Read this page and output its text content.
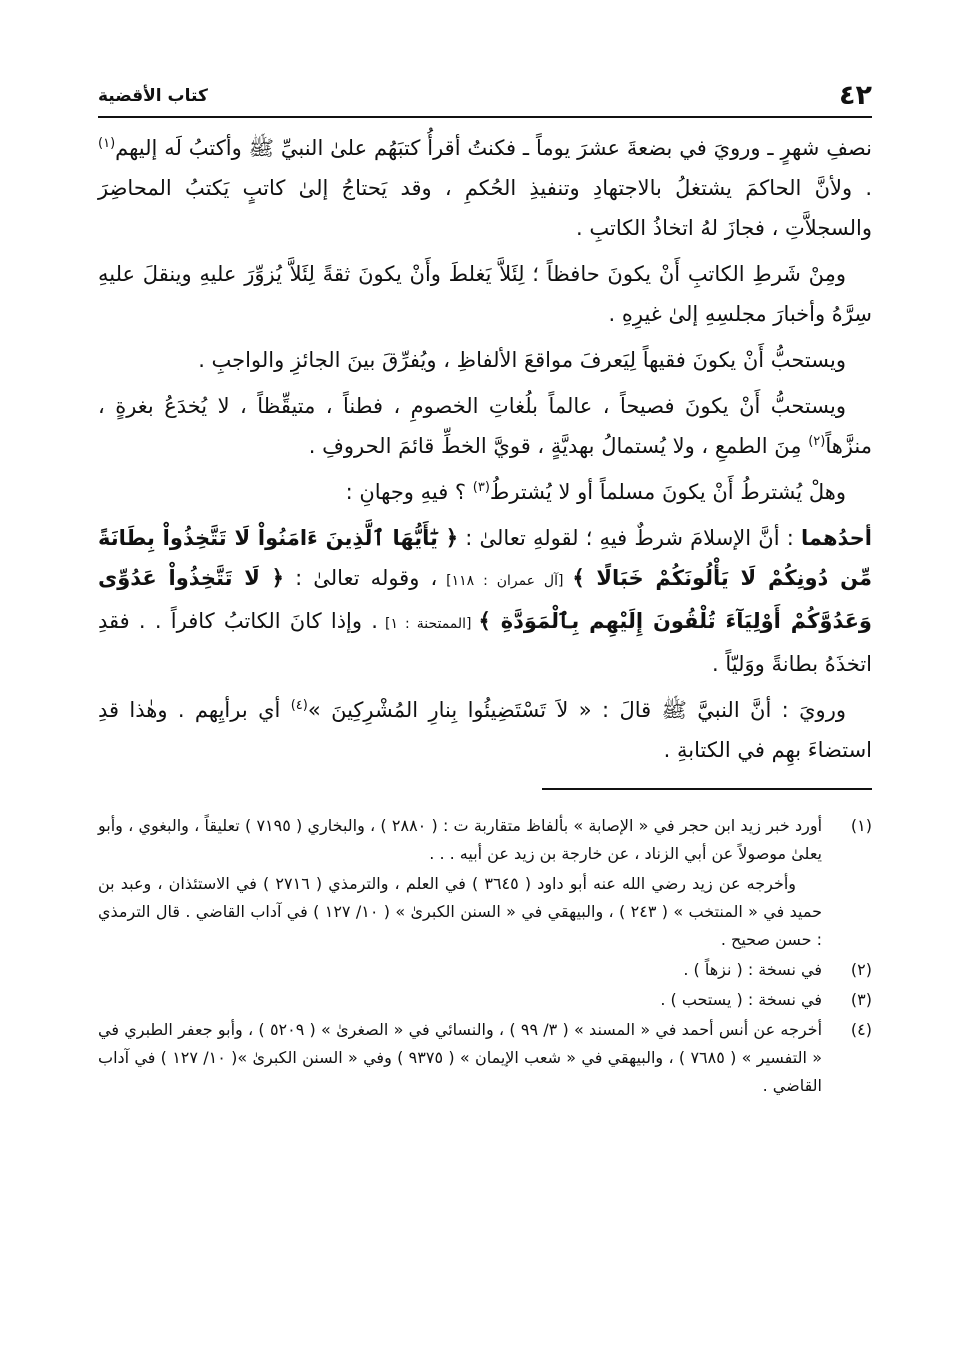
٤٢
كتاب الأقضية

نصفِ شهرٍ ـ ورويَ في بضعةَ عشرَ يوماً ـ فكنتُ أقرأُ كتبَهُم علىٰ النبيِّ ﷺ وأكتبُ لَه إليهم$^{(١)}$ . ولأنَّ الحاكمَ يشتغلُ بالاجتهادِ وتنفيذِ الحُكمِ ، وقد يَحتاجُ إلىٰ كاتبٍ يَكتبُ المحاضِرَ والسجلاَّتِ ، فجازَ لهُ اتخاذُ الكاتبِ .

ومِنْ شَرطِ الكاتبِ أَنْ يكونَ حافظاً ؛ لِئَلاَّ يَغلطَ وأَنْ يكونَ ثقةً لِئَلاَّ يُزوِّرَ عليهِ وينقلَ عليهِ سِرَّهُ وأخبارَ مجلسِهِ إلىٰ غيرِهِ .

ويستحبُّ أَنْ يكونَ فقيهاً لِيَعرفَ مواقعَ الألفاظِ ، ويُفرِّقَ بينَ الجائزِ والواجبِ .

ويستحبُّ أَنْ يكونَ فصيحاً ، عالماً بلُغاتِ الخصومِ ، فطناً ، متيقِّظاً ، لا يُخدَعُ بغرةٍ ، منزَّهاً$^{(٢)}$ مِنَ الطمعِ ، ولا يُستمالُ بهديَّةٍ ، قويَّ الخطِّ قائمَ الحروفِ .

وهلْ يُشترطُ أَنْ يكونَ مسلماً أو لا يُشترطُ$^{(٣)}$ ؟ فيهِ وجهانِ :

أحدُهما : أنَّ الإسلامَ شرطٌ فيهِ ؛ لقولهِ تعالىٰ : ﴿ يَٰٓأَيُّهَا ٱلَّذِينَ ءَامَنُواْ لَا تَتَّخِذُواْ بِطَانَةً مِّن دُونِكُمْ لَا يَأْلُونَكُمْ خَبَالًا ﴾ [آل عمران : ١١٨] ، وقوله تعالىٰ : ﴿ لَا تَتَّخِذُواْ عَدُوِّى وَعَدُوَّكُمْ أَوْلِيَآءَ تُلْقُونَ إِلَيْهِم بِٱلْمَوَدَّةِ ﴾ [الممتحنة : ١] . وإذا كانَ الكاتبُ كافراً . . فقدِ اتخذَهُ بطانةً ووَليّاً .

ورويَ : أنَّ النبيَّ ﷺ قالَ : « لاَ تَسْتَضِيئُوا بِنارِ المُشْرِكِينَ »$^{(٤)}$ أي برأيِهم . وهٰذا قدِ استضاءَ بهِم في الكتابةِ .

(١)
أورد خبر زيد ابن حجر في « الإصابة » بألفاظ متقاربة ت : ( ٢٨٨٠ ) ، والبخاري ( ٧١٩٥ ) تعليقاً ، والبغوي ، وأبو يعلىٰ موصولاً عن أبي الزناد ، عن خارجة بن زيد عن أبيه . . .
وأخرجه عن زيد رضي الله عنه أبو داود ( ٣٦٤٥ ) في العلم ، والترمذي ( ٢٧١٦ ) في الاستئذان ، وعبد بن حميد في « المنتخب » ( ٢٤٣ ) ، والبيهقي في « السنن الكبرىٰ » ( ١٠/ ١٢٧ ) في آداب القاضي . قال الترمذي : حسن صحيح .
(٢)
في نسخة : ( نزهاً ) .
(٣)
في نسخة : ( يستحب ) .
(٤)
أخرجه عن أنس أحمد في « المسند » ( ٣/ ٩٩ ) ، والنسائي في « الصغرىٰ » ( ٥٢٠٩ ) ، وأبو جعفر الطبري في « التفسير » ( ٧٦٨٥ ) ، والبيهقي في « شعب الإيمان » ( ٩٣٧٥ ) وفي « السنن الكبرىٰ »( ١٠/ ١٢٧ ) في آداب القاضي .
